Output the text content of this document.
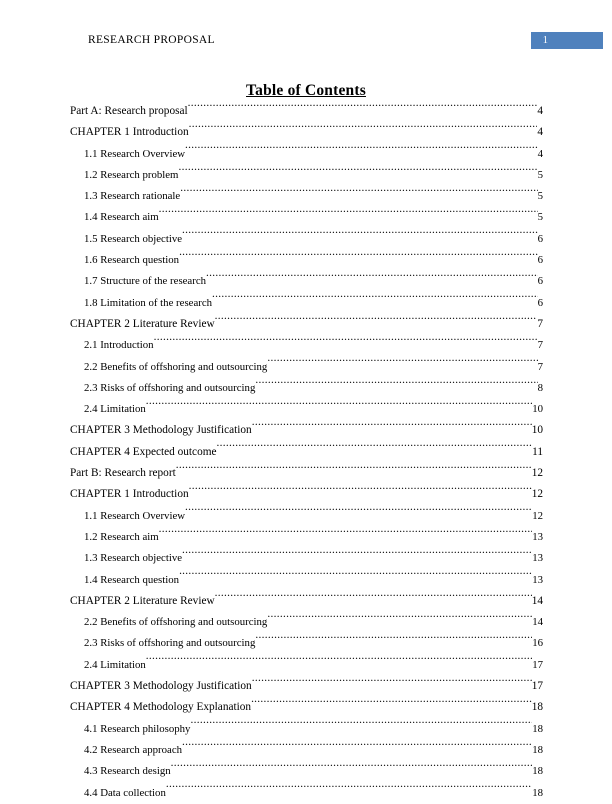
RESEARCH PROPOSAL	1
Table of Contents
Part A: Research proposal .....	4
CHAPTER 1 Introduction .....	4
1.1 Research Overview .....	4
1.2 Research problem .....	5
1.3 Research rationale .....	5
1.4 Research aim .....	5
1.5 Research objective .....	6
1.6 Research question .....	6
1.7 Structure of the research .....	6
1.8 Limitation of the research .....	6
CHAPTER 2 Literature Review .....	7
2.1 Introduction .....	7
2.2 Benefits of offshoring and outsourcing .....	7
2.3 Risks of offshoring and outsourcing .....	8
2.4 Limitation .....	10
CHAPTER 3 Methodology Justification .....	10
CHAPTER 4 Expected outcome .....	11
Part B: Research report .....	12
CHAPTER 1 Introduction .....	12
1.1 Research Overview .....	12
1.2 Research aim .....	13
1.3 Research objective .....	13
1.4 Research question .....	13
CHAPTER 2 Literature Review .....	14
2.2 Benefits of offshoring and outsourcing .....	14
2.3 Risks of offshoring and outsourcing .....	16
2.4 Limitation .....	17
CHAPTER 3 Methodology Justification .....	17
CHAPTER 4 Methodology Explanation .....	18
4.1 Research philosophy .....	18
4.2 Research approach .....	18
4.3 Research design .....	18
4.4 Data collection .....	18
